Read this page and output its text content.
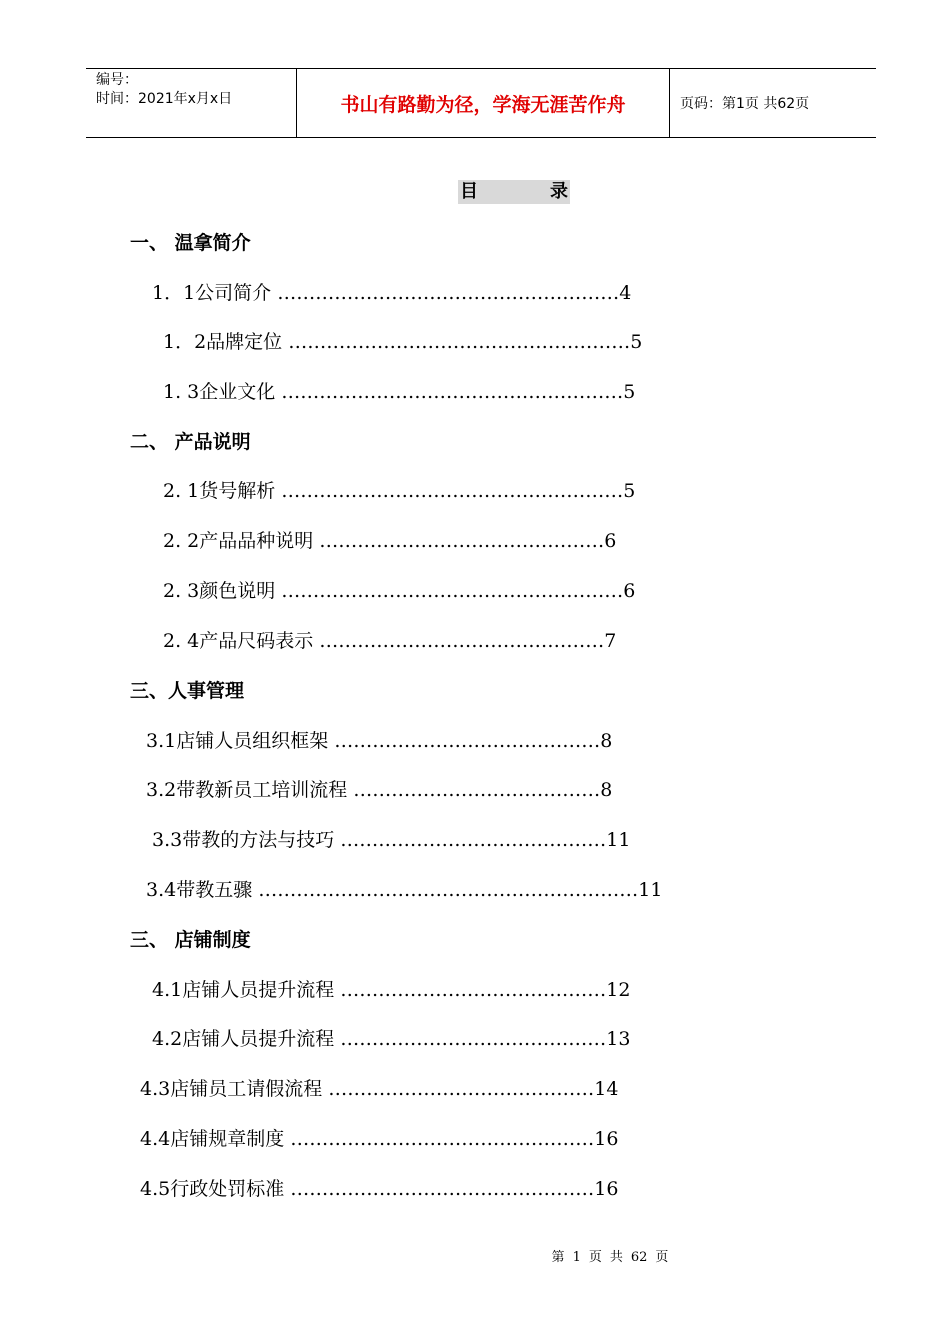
编号：
时间：2021年x月x日	书山有路勤为径，学海无涯苦作舟	页码：第1页 共62页
目	录
一、 温拿简介
1．1公司简介 ………………………………………………4
1．2品牌定位 ………………………………………………5
1. 3企业文化 ………………………………………………5
二、 产品说明
2. 1货号解析 ………………………………………………5
2. 2产品品种说明 ………………………………………6
2. 3颜色说明 ………………………………………………6
2. 4产品尺码表示 ………………………………………7
三、人事管理
3.1店铺人员组织框架 ……………………………………8
3.2带教新员工培训流程 …………………………………8
3.3带教的方法与技巧 ……………………………………11
3.4带教五骤 ……………………………………………………11
三、 店铺制度
4.1店铺人员提升流程 ……………………………………12
4.2店铺人员提升流程 ……………………………………13
4.3店铺员工请假流程 ……………………………………14
4.4店铺规章制度 …………………………………………16
4.5行政处罚标准 …………………………………………16
第 1 页 共 62 页
